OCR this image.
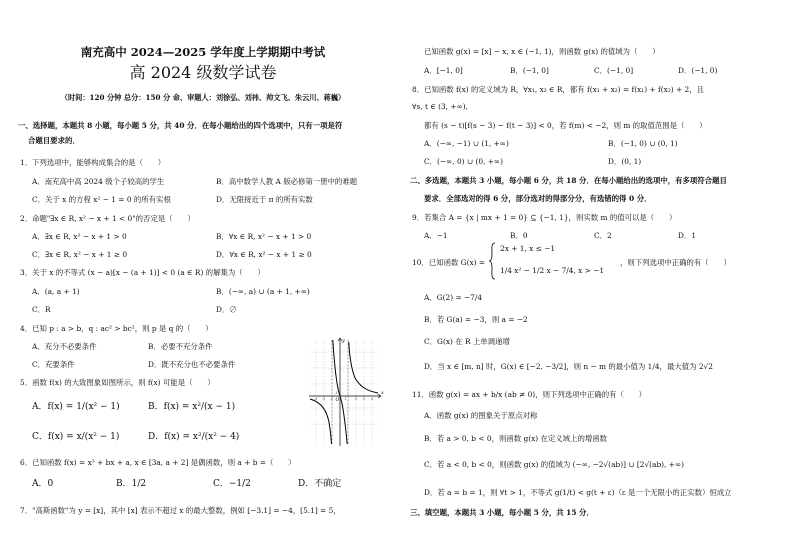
南充高中 2024—2025 学年度上学期期中考试
高 2024 级数学试卷
（时间：120 分钟 总分：150 分 命、审题人：刘徐弘、刘祎、帅文飞、朱云川、蒋巍）
一、选择题，本题共 8 小题，每小题 5 分，共 40 分．在每小题给出的四个选项中，只有一项是符
合题目要求的．
1．下列选项中，能够构成集合的是（　　）
A．南充高中高 2024 级个子较高的学生	B．高中数学人教 A 版必修第一册中的难题
C．关于 x 的方程 x² − 1 = 0 的所有实根	D．无限接近于 π 的所有实数
2．命题"∃x ∈ R, x² − x + 1 < 0"的否定是（　　）
A．∃x ∈ R, x² − x + 1 > 0	B．∀x ∈ R, x² − x + 1 > 0
C．∃x ∈ R, x² − x + 1 ≥ 0	D．∀x ∈ R, x² − x + 1 ≥ 0
3．关于 x 的不等式 (x − a)[x − (a + 1)] < 0 (a ∈ R) 的解集为（　　）
A．(a, a + 1)	B．(−∞, a) ∪ (a + 1, +∞)
C．R	D．∅
4．已知 p : a > b，q : ac² > bc²，则 p 是 q 的（　　）
A．充分不必要条件	B．必要不充分条件
C．充要条件	D．既不充分也不必要条件
5．函数 f(x) 的大致图象如图所示，则 f(x) 可能是（　　）
A．f(x) = 1/(x² − 1)	B．f(x) = x²/(x − 1)
C．f(x) = x/(x² − 1)	D．f(x) = x²/(x² − 4)
x
y
O
-4 -3 -2
-1
1	2 3 4
6．已知函数 f(x) = x³ + bx + a, x ∈ [3a, a + 2] 是偶函数，则 a + b =（　　）
A．0	B．1/2	C．−1/2	D．不确定
7．"高斯函数"为 y = [x]，其中 [x] 表示不超过 x 的最大整数，例如 [−3.1] = −4，[5.1] = 5，
已知函数 g(x) = [x] − x, x ∈ (−1, 1)，则函数 g(x) 的值域为（　　）
A．[−1, 0]	B．(−1, 0]	C．(−1, 0]	D．(−1, 0)
8．已知函数 f(x) 的定义域为 R，∀x₁, x₂ ∈ R，都有 f(x₁ + x₂) = f(x₁) + f(x₂) + 2，且
∀s, t ∈ (3, +∞),
都有 (s − t)[f(s − 3) − f(t − 3)] < 0，若 f(m) < −2，则 m 的取值范围是（　　）
A．(−∞, −1) ∪ (1, +∞)	B．(−1, 0) ∪ (0, 1)
C．(−∞, 0) ∪ (0, +∞)	D．(0, 1)
二、多选题，本题共 3 小题，每小题 6 分，共 18 分．在每小题给出的选项中，有多项符合题目
要求．全部选对的得 6 分，部分选对的得部分分，有选错的得 0 分．
9．若集合 A = {x | mx + 1 = 0} ⊆ {−1, 1}，则实数 m 的值可以是（　　）
A．−1	B．0	C．2	D．1
10．已知函数 G(x) =
2x + 1, x ≤ −1
1/4 x² − 1/2 x − 7/4, x > −1
，则下列选项中正确的有（　　）
A．G(2) = −7/4
B．若 G(a) = −3，则 a = −2
C．G(x) 在 R 上单调递增
D．当 x ∈ [m, n] 时，G(x) ∈ [−2, −3/2]，则 n − m 的最小值为 1/4，最大值为 2√2
11．函数 g(x) = ax + b/x (ab ≠ 0)，则下列选项中正确的有（　　）
A．函数 g(x) 的图象关于原点对称
B．若 a > 0, b < 0，则函数 g(x) 在定义域上的增函数
C．若 a < 0, b < 0，则函数 g(x) 的值域为 (−∞, −2√(ab)] ∪ [2√(ab), +∞)
D．若 a = b = 1，则 ∀t > 1，不等式 g(1/t) < g(t + ε)（ε 是一个无限小的正实数）恒成立
三、填空题，本题共 3 小题，每小题 5 分，共 15 分．
